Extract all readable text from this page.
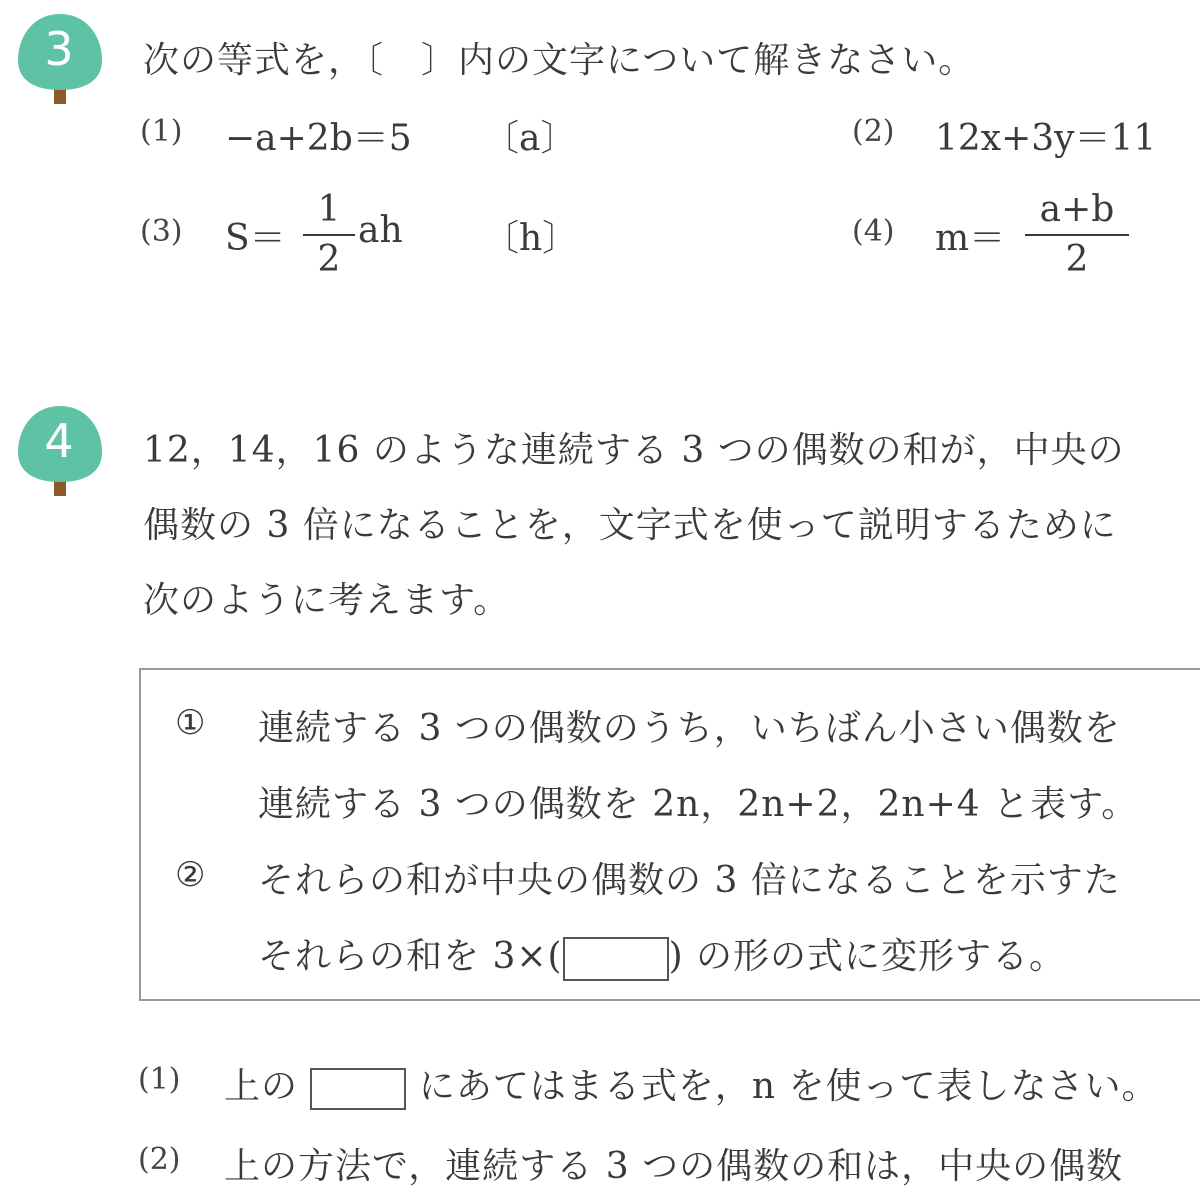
3	次の等式を，〔　〕内の文字について解きなさい。
(1) −a+2b＝5 〔a〕	(2) 12x+3y＝11
(3) S＝
1
2
ah 〔h〕	(4) m＝
a+b
2
4	12，14，16 のような連続する 3 つの偶数の和が，中央の
偶数の 3 倍になることを，文字式を使って説明するために
次のように考えます。
① 連続する 3 つの偶数のうち，いちばん小さい偶数を
連続する 3 つの偶数を 2n，2n+2，2n+4 と表す。
② それらの和が中央の偶数の 3 倍になることを示すた
それらの和を 3×(	) の形の式に変形する。
(1) 上の	にあてはまる式を，n を使って表しなさい。
(2) 上の方法で，連続する 3 つの偶数の和は，中央の偶数
